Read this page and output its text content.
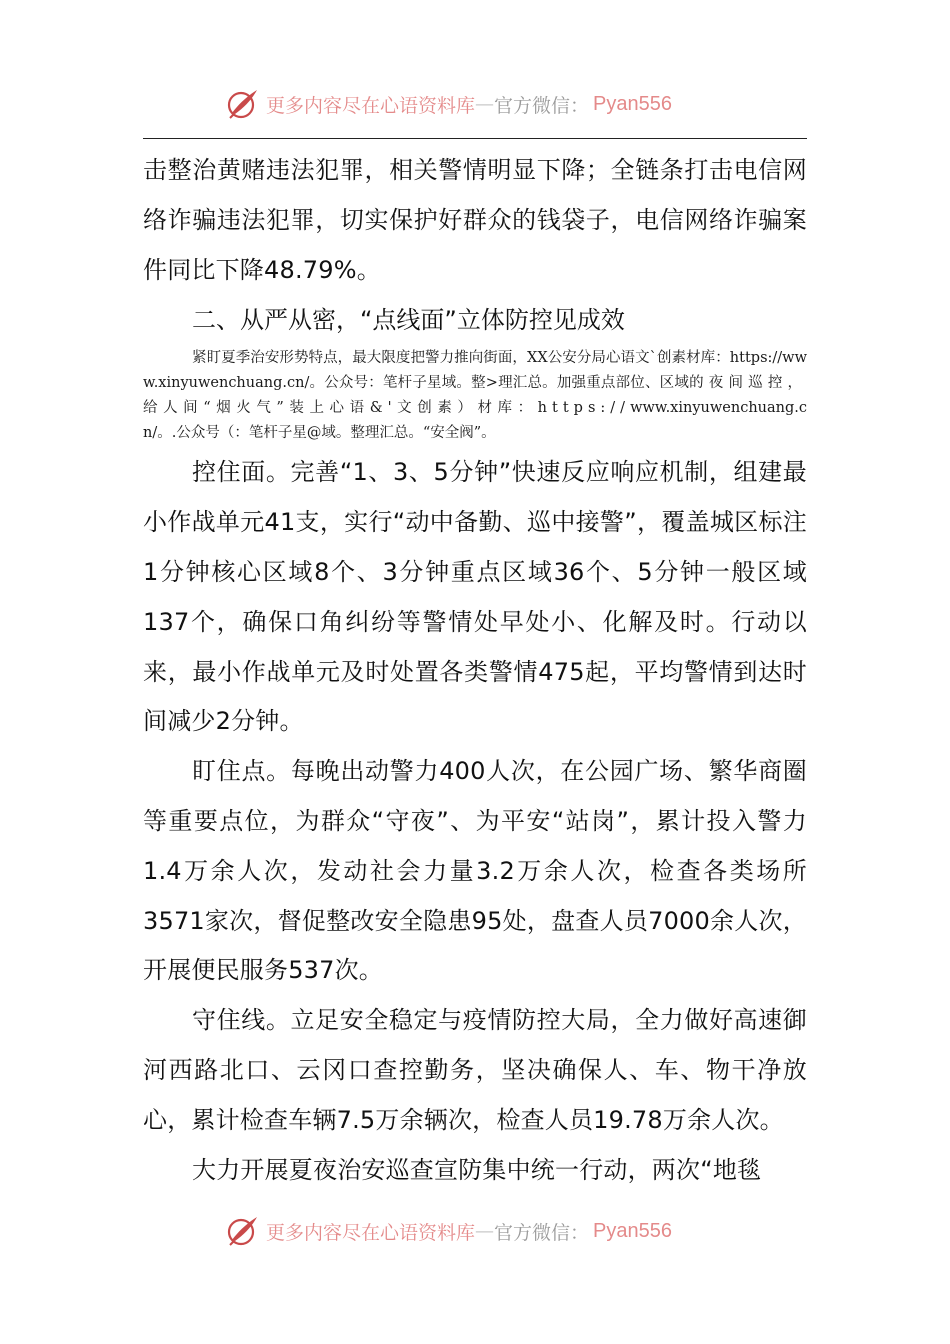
更多内容尽在心语资料库 — 官方微信： Pyan556

击整治黄赌违法犯罪，相关警情明显下降；全链条打击电信网络诈骗违法犯罪，切实保护好群众的钱袋子，电信网络诈骗案件同比下降48.79%。

二、从严从密，“点线面”立体防控见成效

紧盯夏季治安形势特点，最大限度把警力推向街面，XX公安分局心语文`创素材库：https://www.xinyuwenchuang.cn/。公众号：笔杆子星域。整>理汇总。加强重点部位、区域的夜间巡控，给人间“烟火气”装上心语&'文创素）材库：https://www.xinyuwenchuang.cn/。.公众号（：笔杆子星@域。整理汇总。“安全阀”。

控住面。完善“1、3、5分钟”快速反应响应机制，组建最小作战单元41支，实行“动中备勤、巡中接警”，覆盖城区标注1分钟核心区域8个、3分钟重点区域36个、5分钟一般区域137个，确保口角纠纷等警情处早处小、化解及时。行动以来，最小作战单元及时处置各类警情475起，平均警情到达时间减少2分钟。

盯住点。每晚出动警力400人次，在公园广场、繁华商圈等重要点位，为群众“守夜”、为平安“站岗”，累计投入警力1.4万余人次，发动社会力量3.2万余人次，检查各类场所3571家次，督促整改安全隐患95处，盘查人员7000余人次，开展便民服务537次。

守住线。立足安全稳定与疫情防控大局，全力做好高速御河西路北口、云冈口查控勤务，坚决确保人、车、物干净放心，累计检查车辆7.5万余辆次，检查人员19.78万余人次。

大力开展夏夜治安巡查宣防集中统一行动，两次“地毯

更多内容尽在心语资料库 — 官方微信： Pyan556
